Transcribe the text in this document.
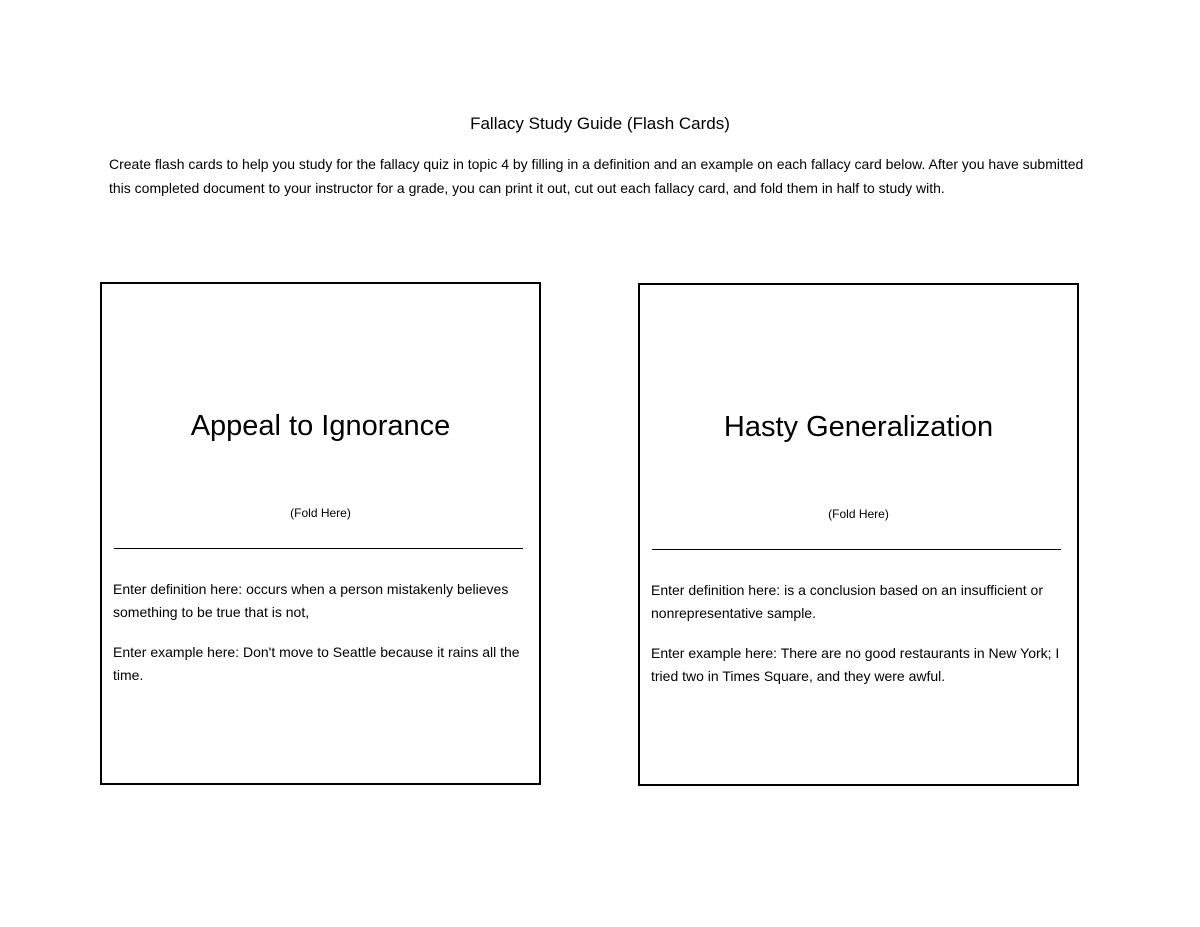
Fallacy Study Guide (Flash Cards)

Create flash cards to help you study for the fallacy quiz in topic 4 by filling in a definition and an example on each fallacy card below. After you have submitted this completed document to your instructor for a grade, you can print it out, cut out each fallacy card, and fold them in half to study with.

Appeal to Ignorance
(Fold Here)

Enter definition here: occurs when a person mistakenly believes something to be true that is not,

Enter example here: Don't move to Seattle because it rains all the time.

Hasty Generalization
(Fold Here)

Enter definition here: is a conclusion based on an insufficient or nonrepresentative sample.

Enter example here: There are no good restaurants in New York; I tried two in Times Square, and they were awful.
